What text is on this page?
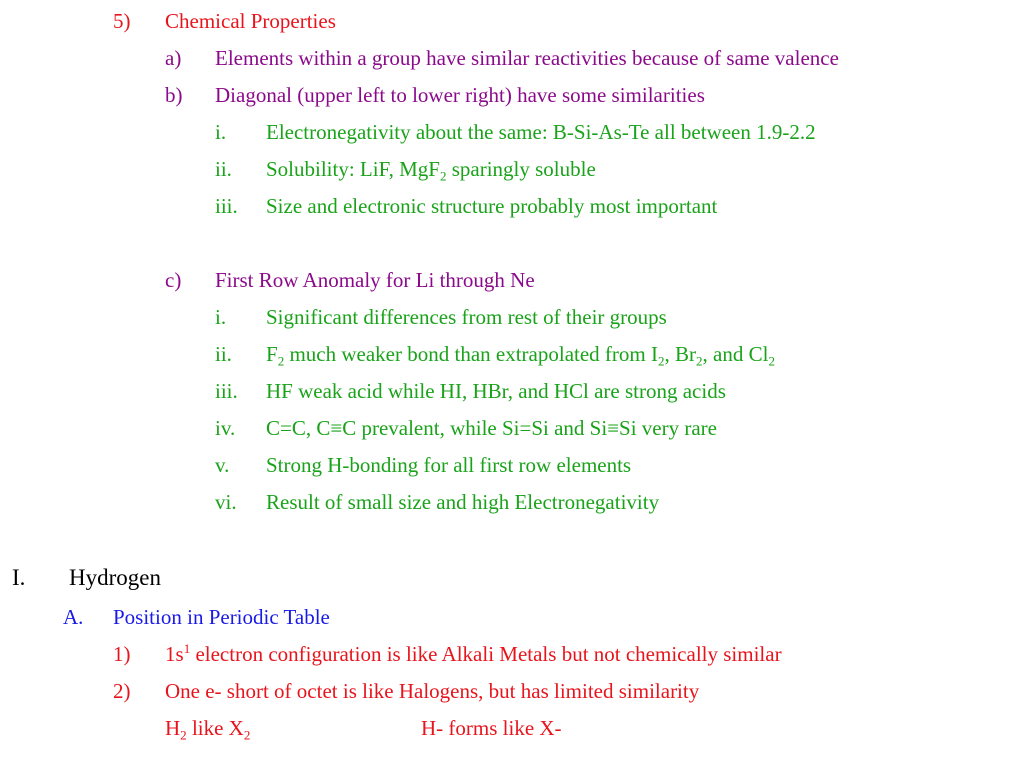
5) Chemical Properties
a) Elements within a group have similar reactivities because of same valence
b) Diagonal (upper left to lower right) have some similarities
i. Electronegativity about the same: B-Si-As-Te all between 1.9-2.2
ii. Solubility: LiF, MgF$_2$ sparingly soluble
iii. Size and electronic structure probably most important
c) First Row Anomaly for Li through Ne
i. Significant differences from rest of their groups
ii. $F_2$ much weaker bond than extrapolated from $I_2$, $Br_2$, and $Cl_2$
iii. HF weak acid while HI, HBr, and HCl are strong acids
iv. C=C, C≡C prevalent, while Si=Si and Si≡Si very rare
v. Strong H-bonding for all first row elements
vi. Result of small size and high Electronegativity
I. Hydrogen
A. Position in Periodic Table
1) $1s^1$ electron configuration is like Alkali Metals but not chemically similar
2) One e- short of octet is like Halogens, but has limited similarity
$H_2$ like $X_2$	H- forms like X-
